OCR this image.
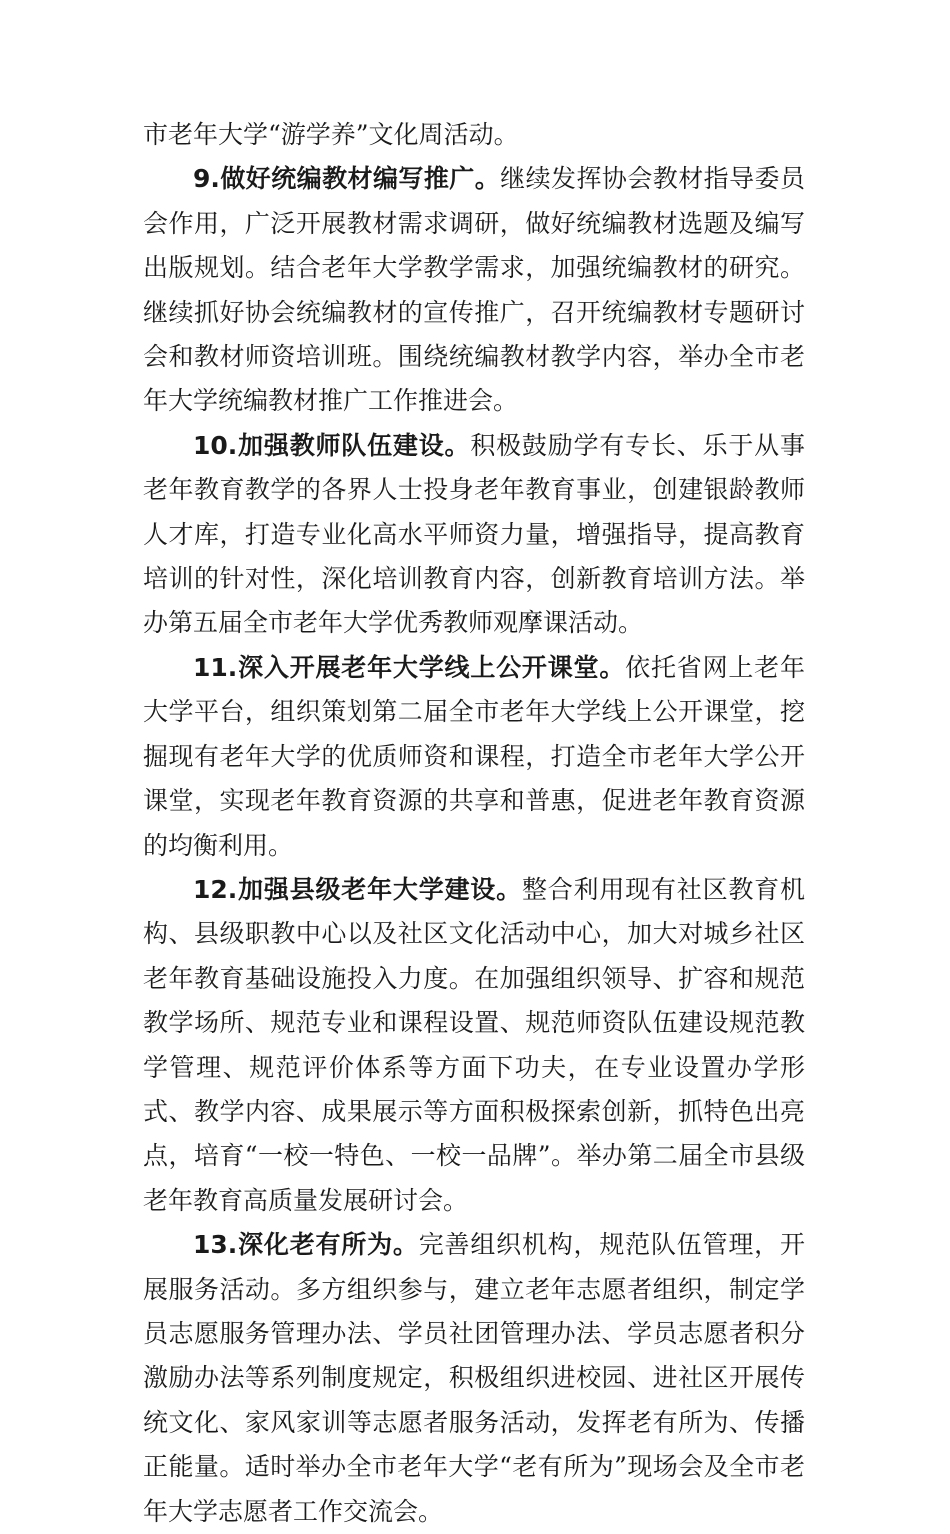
市老年大学“游学养”文化周活动。

9.做好统编教材编写推广。继续发挥协会教材指导委员会作用，广泛开展教材需求调研，做好统编教材选题及编写出版规划。结合老年大学教学需求，加强统编教材的研究。继续抓好协会统编教材的宣传推广，召开统编教材专题研讨会和教材师资培训班。围绕统编教材教学内容，举办全市老年大学统编教材推广工作推进会。

10.加强教师队伍建设。积极鼓励学有专长、乐于从事老年教育教学的各界人士投身老年教育事业，创建银龄教师人才库，打造专业化高水平师资力量，增强指导，提高教育培训的针对性，深化培训教育内容，创新教育培训方法。举办第五届全市老年大学优秀教师观摩课活动。

11.深入开展老年大学线上公开课堂。依托省网上老年大学平台，组织策划第二届全市老年大学线上公开课堂，挖掘现有老年大学的优质师资和课程，打造全市老年大学公开课堂，实现老年教育资源的共享和普惠，促进老年教育资源的均衡利用。

12.加强县级老年大学建设。整合利用现有社区教育机构、县级职教中心以及社区文化活动中心，加大对城乡社区老年教育基础设施投入力度。在加强组织领导、扩容和规范教学场所、规范专业和课程设置、规范师资队伍建设规范教学管理、规范评价体系等方面下功夫，在专业设置办学形式、教学内容、成果展示等方面积极探索创新，抓特色出亮点，培育“一校一特色、一校一品牌”。举办第二届全市县级老年教育高质量发展研讨会。

13.深化老有所为。完善组织机构，规范队伍管理，开展服务活动。多方组织参与，建立老年志愿者组织，制定学员志愿服务管理办法、学员社团管理办法、学员志愿者积分激励办法等系列制度规定，积极组织进校园、进社区开展传统文化、家风家训等志愿者服务活动，发挥老有所为、传播正能量。适时举办全市老年大学“老有所为”现场会及全市老年大学志愿者工作交流会。
